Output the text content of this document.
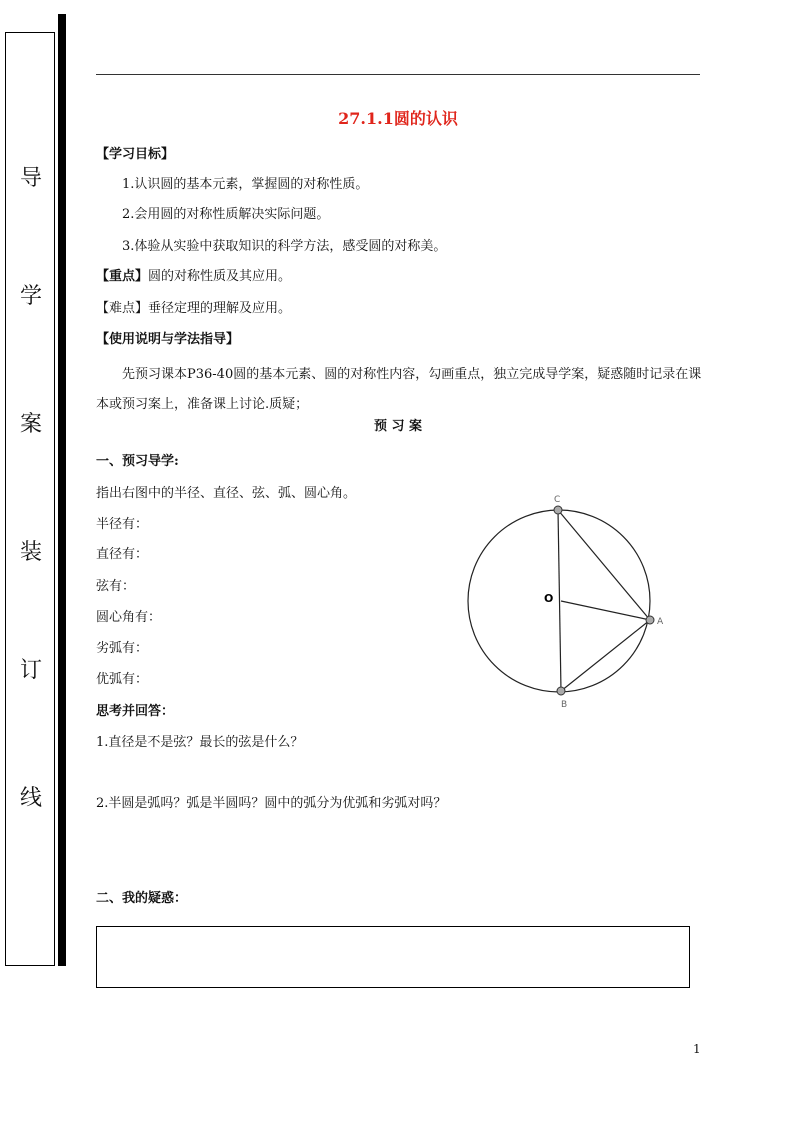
导
学
案
装
订
线
27.1.1圆的认识
【学习目标】
1.认识圆的基本元素，掌握圆的对称性质。
2.会用圆的对称性质解决实际问题。
3.体验从实验中获取知识的科学方法，感受圆的对称美。
【重点】圆的对称性质及其应用。
【难点】垂径定理的理解及应用。
【使用说明与学法指导】
先预习课本P36-40圆的基本元素、圆的对称性内容，勾画重点，独立完成导学案，疑惑随时记录在课本或预习案上，准备课上讨论.质疑；
预 习 案
一、预习导学:
指出右图中的半径、直径、弦、弧、圆心角。
半径有：
直径有：
弦有：
圆心角有：
劣弧有：
优弧有：
思考并回答：
1.直径是不是弦？最长的弦是什么？
2.半圆是弧吗？弧是半圆吗？圆中的弧分为优弧和劣弧对吗？
二、我的疑惑：
O
C
A
B
1
